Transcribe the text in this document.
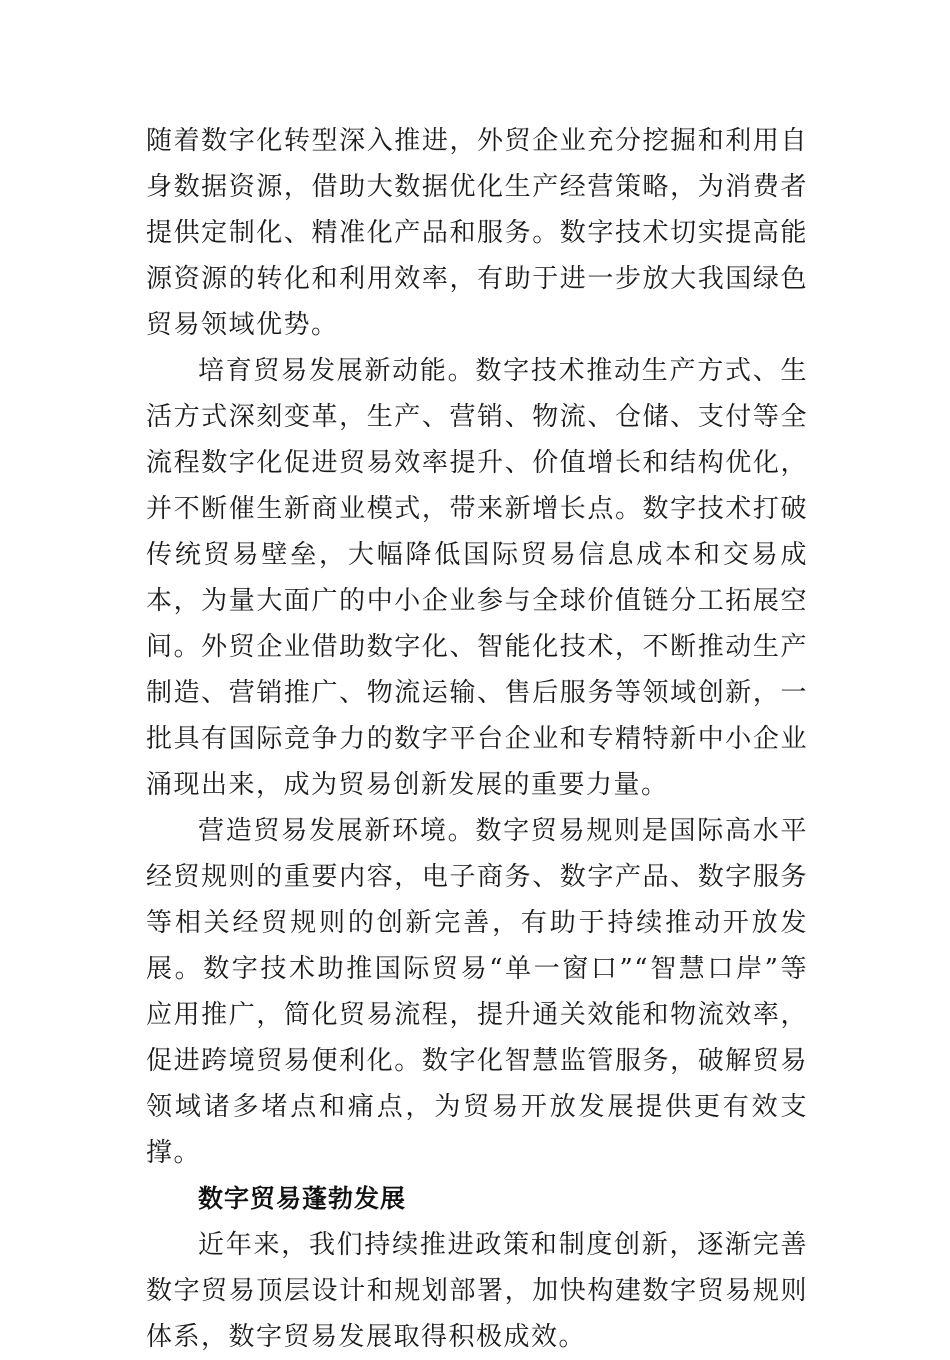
随着数字化转型深入推进，外贸企业充分挖掘和利用自身数据资源，借助大数据优化生产经营策略，为消费者提供定制化、精准化产品和服务。数字技术切实提高能源资源的转化和利用效率，有助于进一步放大我国绿色贸易领域优势。

培育贸易发展新动能。数字技术推动生产方式、生活方式深刻变革，生产、营销、物流、仓储、支付等全流程数字化促进贸易效率提升、价值增长和结构优化，并不断催生新商业模式，带来新增长点。数字技术打破传统贸易壁垒，大幅降低国际贸易信息成本和交易成本，为量大面广的中小企业参与全球价值链分工拓展空间。外贸企业借助数字化、智能化技术，不断推动生产制造、营销推广、物流运输、售后服务等领域创新，一批具有国际竞争力的数字平台企业和专精特新中小企业涌现出来，成为贸易创新发展的重要力量。

营造贸易发展新环境。数字贸易规则是国际高水平经贸规则的重要内容，电子商务、数字产品、数字服务等相关经贸规则的创新完善，有助于持续推动开放发展。数字技术助推国际贸易“单一窗口”“智慧口岸”等应用推广，简化贸易流程，提升通关效能和物流效率，促进跨境贸易便利化。数字化智慧监管服务，破解贸易领域诸多堵点和痛点，为贸易开放发展提供更有效支撑。

数字贸易蓬勃发展

近年来，我们持续推进政策和制度创新，逐渐完善数字贸易顶层设计和规划部署，加快构建数字贸易规则体系，数字贸易发展取得积极成效。
